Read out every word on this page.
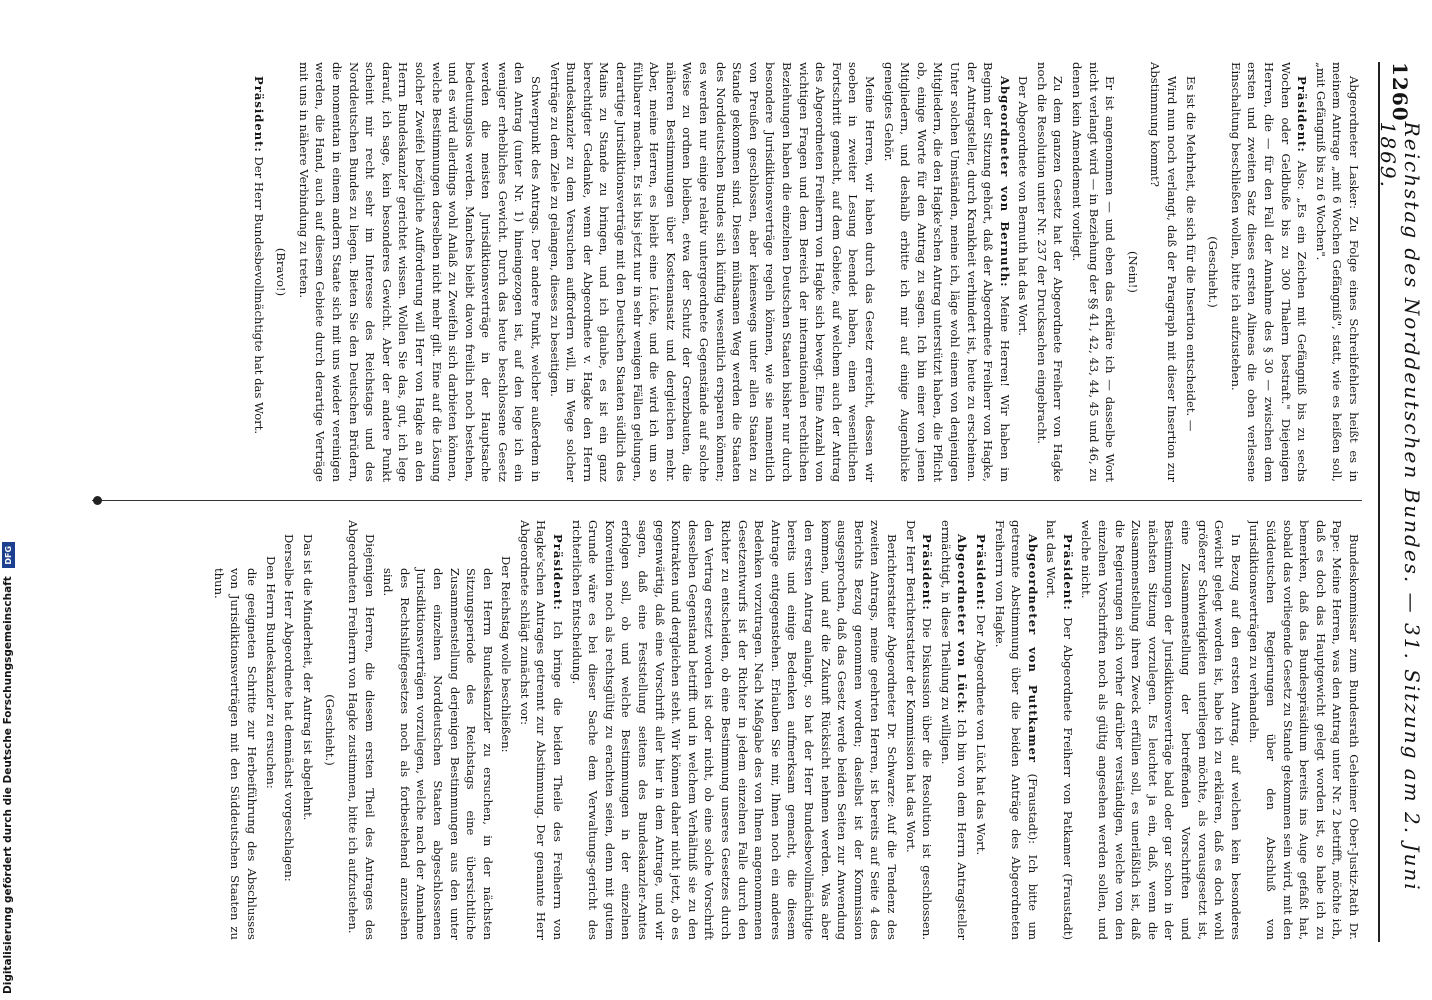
1260
Reichstag des Norddeutschen Bundes. — 31. Sitzung am 2. Juni 1869.

Abgeordneter Lasker: Zu Folge eines Schreibfehlers heißt es in meinem Antrage „mit 6 Wochen Gefängniß", statt, wie es heißen soll, „mit Gefängniß bis zu 6 Wochen".

Präsident: Also: „Es ein Zeichen mit Gefängniß bis zu sechs Wochen oder Geldbuße bis zu 300 Thalern bestraft." Diejenigen Herren, die — für den Fall der Annahme des § 30 — zwischen dem ersten und zweiten Satz dieses ersten Alineas die oben verlesene Einschaltung beschließen wollen, bitte ich aufzustehen.

(Geschieht.)

Es ist die Mehrheit, die sich für die Insertion entscheidet. —

Wird nun noch verlangt, daß der Paragraph mit dieser Insertion zur Abstimmung kommt?

(Nein!)

Er ist angenommen — und eben das erkläre ich — dasselbe Wort nicht verlangt wird — in Beziehung der §§ 41, 42, 43, 44, 45 und 46, zu denen kein Amendement vorliegt.

Zu dem ganzen Gesetz hat der Abgeordnete Freiherr von Hagke noch die Resolution unter Nr. 237 der Drucksachen eingebracht.

Der Abgeordnete von Bernuth hat das Wort.

Abgeordneter von Bernuth: Meine Herren! Wir haben im Beginn der Sitzung gehört, daß der Abgeordnete Freiherr von Hagke, der Antragsteller, durch Krankheit verhindert ist, heute zu erscheinen. Unter solchen Umständen, meine ich, läge wohl einem von denjenigen Mitgliedern, die den Hagke'schen Antrag unterstützt haben, die Pflicht ob, einige Worte für den Antrag zu sagen. Ich bin einer von jenen Mitgliedern, und deshalb erbitte ich mir auf einige Augenblicke geneigtes Gehör.

Meine Herren, wir haben durch das Gesetz erreicht, dessen wir soeben in zweiter Lesung beendet haben, einen wesentlichen Fortschritt gemacht, auf dem Gebiete, auf welchem auch der Antrag des Abgeordneten Freiherrn von Hagke sich bewegt. Eine Anzahl von wichtigen Fragen und dem Bereich der internationalen rechtlichen Beziehungen haben die einzelnen Deutschen Staaten bisher nur durch besondere Jurisdiktionsverträge regeln können, wie sie namentlich von Preußen geschlossen, aber keineswegs unter allen Staaten zu Stande gekommen sind. Diesen mühsamen Weg werden die Staaten des Norddeutschen Bundes sich künftig wesentlich ersparen können; es werden nur einige relativ untergeordnete Gegenstände auf solche Weise zu ordnen bleiben, etwa der Schutz der Grenzbauten, die näheren Bestimmungen über Kostenansatz und dergleichen mehr. Aber, meine Herren, es bleibt eine Lücke, und die wird ich um so fühlbarer machen. Es ist bis jetzt nur in sehr wenigen Fällen gelungen, derartige Jurisdiktionsverträge mit den Deutschen Staaten südlich des Mains zu Stande zu bringen, und ich glaube, es ist ein ganz berechtigter Gedanke, wenn der Abgeordnete v. Hagke den Herrn Bundeskanzler zu dem Versuchen auffordern will, im Wege solcher Verträge zu dem Ziele zu gelangen, dieses zu beseitigen.

Schwerpunkt des Antrags. Der andere Punkt, welcher außerdem in den Antrag (unter Nr. 1) hineingezogen ist, auf den lege ich ein weniger erhebliches Gewicht. Durch das heute beschlossene Gesetz werden die meisten Jurisdiktionsverträge in der Hauptsache bedeutungslos werden. Manches bleibt davon freilich noch bestehen, und es wird allerdings wohl Anlaß zu Zweifeln sich darbieten können, welche Bestimmungen derselben nicht mehr gilt. Eine auf die Lösung solcher Zweifel bezügliche Aufforderung will Herr von Hagke an den Herrn Bundeskanzler gerichtet wissen. Wollen Sie das, gut, ich lege darauf, ich sage, kein besonderes Gewicht. Aber der andere Punkt scheint mir recht sehr im Interesse des Reichstags und des Norddeutschen Bundes zu liegen. Bieten Sie den Deutschen Brüdern, die momentan in einem andern Staate sich mit uns wieder vereinigen werden, die Hand, auch auf diesem Gebiete durch derartige Verträge mit uns in nähere Verbindung zu treten.

(Bravo!)

Präsident: Der Herr Bundesbevollmächtigte hat das Wort.

Bundeskommissar zum Bundesrath Geheimer Ober-Justiz-Rath Dr. Pape: Meine Herren, was den Antrag unter Nr. 2 betrifft, möchte ich, daß es doch das Hauptgewicht gelegt worden ist, so habe ich zu bemerken, daß das Bundespräsidium bereits ins Auge gefaßt hat, sobald das vorliegende Gesetz zu Stande gekommen sein wird, mit den Süddeutschen Regierungen über den Abschluß von Jurisdiktionsverträgen zu verhandeln.

In Bezug auf den ersten Antrag, auf welchen kein besonderes Gewicht gelegt worden ist, habe ich zu erklären, daß es doch wohl größerer Schwierigkeiten unterliegen möchte, als vorausgesetzt ist, eine Zusammenstellung der betreffenden Vorschriften und Bestimmungen der Jurisdiktionsverträge bald oder gar schon in der nächsten Sitzung vorzulegen. Es leuchtet ja ein, daß, wenn die Zusammenstellung ihren Zweck erfüllen soll, es unerläßlich ist, daß die Regierungen sich vorher darüber verständigen, welche von den einzelnen Vorschriften noch als gültig angesehen werden sollen, und welche nicht.

Präsident: Der Abgeordnete Freiherr von Patkamer (Fraustadt) hat das Wort.

Abgeordneter von Puttkamer (Fraustadt): Ich bitte um getrennte Abstimmung über die beiden Anträge des Abgeordneten Freiherrn von Hagke.

Präsident: Der Abgeordnete von Lück hat das Wort.

Abgeordneter von Lück: Ich bin von dem Herrn Antragsteller ermächtigt, in diese Theilung zu willigen.

Präsident: Die Diskussion über die Resolution ist geschlossen. Der Herr Berichterstatter der Kommission hat das Wort.

Berichterstatter Abgeordneter Dr. Schwarze: Auf die Tendenz des zweiten Antrags, meine geehrten Herren, ist bereits auf Seite 4 des Berichts Bezug genommen worden; daselbst ist der Kommission ausgesprochen, daß das Gesetz werde beiden Seiten zur Anwendung kommen, und auf die Zukunft Rücksicht nehmen werden. Was aber den ersten Antrag anlangt, so hat der Herr Bundesbevollmächtigte bereits und einige Bedenken aufmerksam gemacht, die diesem Antrage entgegenstehen. Erlauben Sie mir, Ihnen noch ein anderes Bedenken vorzutragen. Nach Maßgabe des von Ihnen angenommenen Gesetzentwurfs ist der Richter in jedem einzelnen Falle durch den Richter zu entscheiden, ob eine Bestimmung unseres Gesetzes durch den Vertrag ersetzt worden ist oder nicht, ob eine solche Vorschrift desselben Gegenstand betrifft und in welchem Verhältniß sie zu den Kontrakten und dergleichen steht. Wir können daher nicht jetzt, ob es gegenwärtig, daß eine Vorschrift aller hier in dem Antrage, und wir sagen, daß eine Feststellung seitens des Bundeskanzler-Amtes erfolgen soll, ob und welche Bestimmungen in der einzelnen Konvention noch als rechtsgültig zu erachten seien, denn mit gutem Grunde wäre es bei dieser Sache dem Verwaltungs-gericht des richterlichen Entscheidung.

Präsident: Ich bringe die beiden Theile des Freiherrn von Hagke'schen Antrages getrennt zur Abstimmung. Der genannte Herr Abgeordnete schlägt zunächst vor:

Der Reichstag wolle beschließen:

den Herrn Bundeskanzler zu ersuchen, in der nächsten Sitzungsperiode des Reichstags eine übersichtliche Zusammenstellung derjenigen Bestimmungen aus den unter den einzelnen Norddeutschen Staaten abgeschlossenen Jurisdiktionsverträgen vorzulegen, welche nach der Annahme des Rechtshilfegesetzes noch als fortbestehend anzusehen sind.

Diejenigen Herren, die diesem ersten Theil des Antrages des Abgeordneten Freiherrn von Hagke zustimmen, bitte ich aufzustehen.

(Geschieht.)

Das ist die Minderheit, der Antrag ist abgelehnt.

Derselbe Herr Abgeordnete hat demnächst vorgeschlagen:

Den Herrn Bundeskanzler zu ersuchen:

die geeigneten Schritte zur Herbeiführung des Abschlusses von Jurisdiktionsverträgen mit den Süddeutschen Staaten zu thun.

Digitalisierung gefördert durch die Deutsche Forschungsgemeinschaft
DFG
